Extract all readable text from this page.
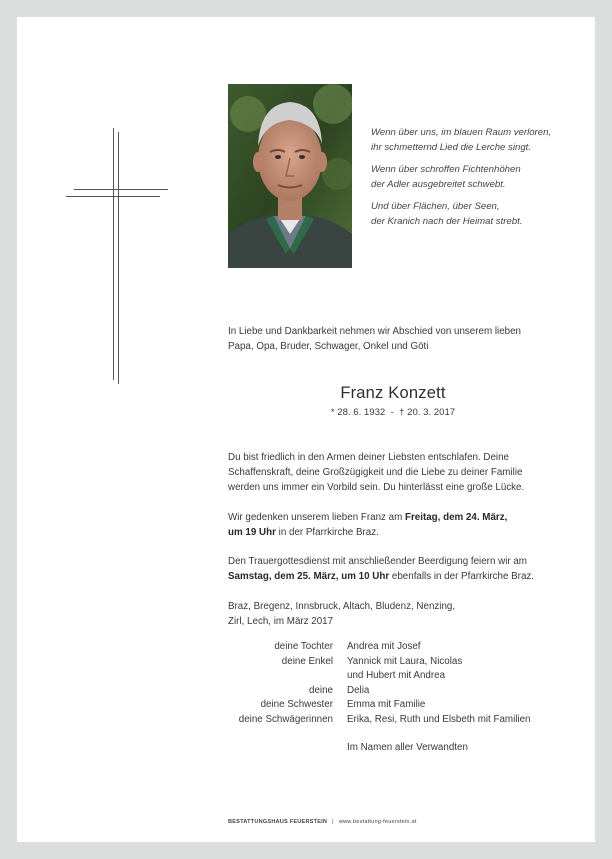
Wenn über uns, im blauen Raum verloren,
ihr schmetternd Lied die Lerche singt.

Wenn über schroffen Fichtenhöhen
der Adler ausgebreitet schwebt.

Und über Flächen, über Seen,
der Kranich nach der Heimat strebt.

In Liebe und Dankbarkeit nehmen wir Abschied von unserem lieben
Papa, Opa, Bruder, Schwager, Onkel und Göti
Franz Konzett
* 28. 6. 1932  -  † 20. 3. 2017
Du bist friedlich in den Armen deiner Liebsten entschlafen. Deine
Schaffenskraft, deine Großzügigkeit und die Liebe zu deiner Familie
werden uns immer ein Vorbild sein. Du hinterlässt eine große Lücke.
Wir gedenken unserem lieben Franz am Freitag, dem 24. März,
um 19 Uhr in der Pfarrkirche Braz.
Den Trauergottesdienst mit anschließender Beerdigung feiern wir am
Samstag, dem 25. März, um 10 Uhr ebenfalls in der Pfarrkirche Braz.
Braz, Bregenz, Innsbruck, Altach, Bludenz, Nenzing,
Zirl, Lech, im März 2017
deine Tochter	Andrea mit Josef
deine Enkel	Yannick mit Laura, Nicolas
und Hubert mit Andrea
deine	Delia
deine Schwester	Emma mit Familie
deine Schwägerinnen	Erika, Resi, Ruth und Elsbeth mit Familien
Im Namen aller Verwandten
BESTATTUNGSHAUS FEUERSTEIN | www.bestattung-feuerstein.at
